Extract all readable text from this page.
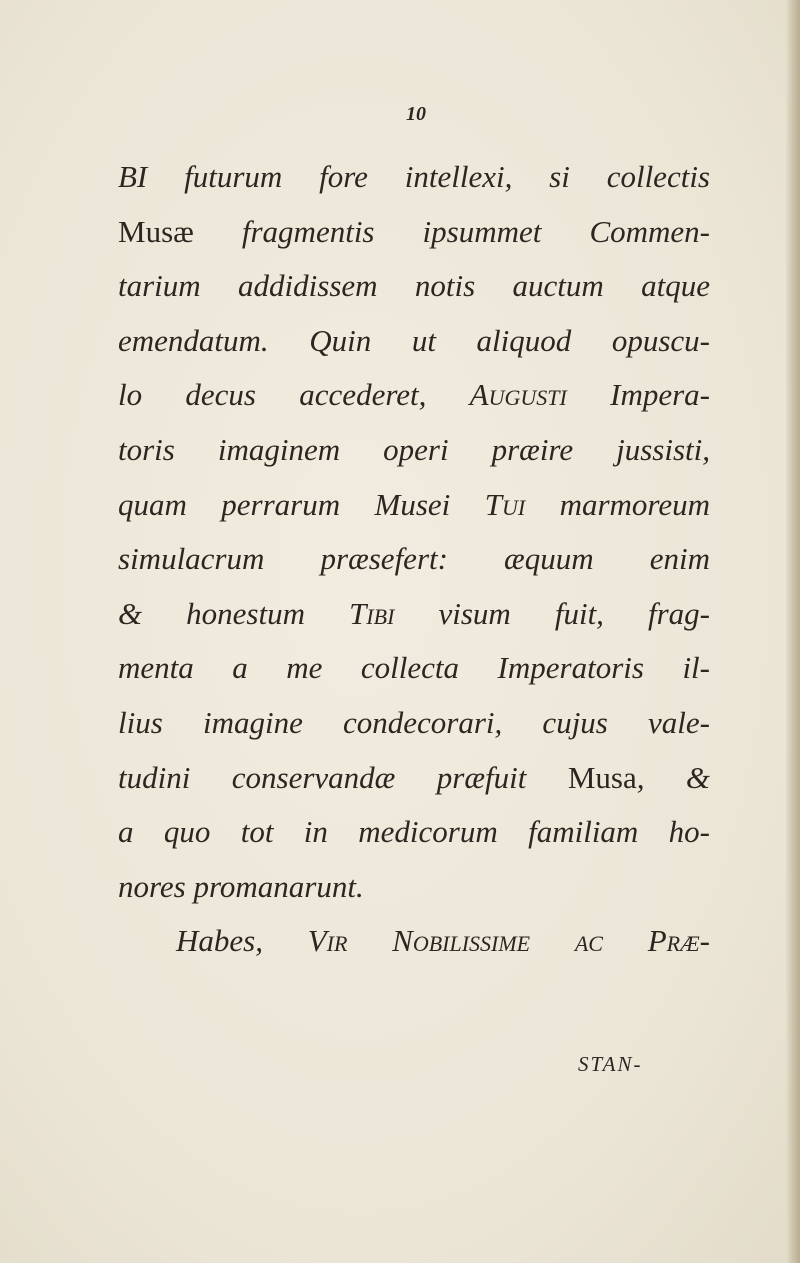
10
BI futurum fore intellexi, si collectis
Musæ fragmentis ipsummet Commen-
tarium addidissem notis auctum atque
emendatum. Quin ut aliquod opuscu-
lo decus accederet, Augusti Impera-
toris imaginem operi præire jussisti,
quam perrarum Musei Tui marmoreum
simulacrum præsefert: æquum enim
& honestum Tibi visum fuit, frag-
menta a me collecta Imperatoris il-
lius imagine condecorari, cujus vale-
tudini conservandæ præfuit Musa, &
a quo tot in medicorum familiam ho-
nores promanarunt.
Habes, Vir Nobilissime ac Præ-
STAN-
